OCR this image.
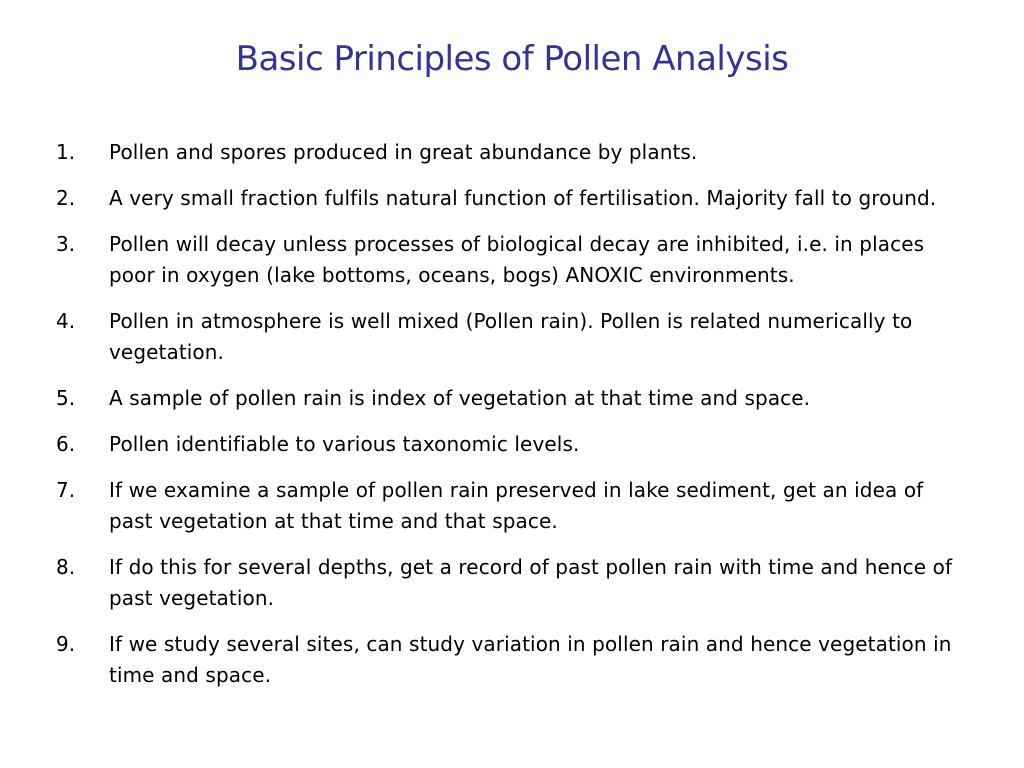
Basic Principles of Pollen Analysis
1.	Pollen and spores produced in great abundance by plants.
2.	A very small fraction fulfils natural function of fertilisation. Majority fall to ground.
3.	Pollen will decay unless processes of biological decay are inhibited, i.e. in places poor in oxygen (lake bottoms, oceans, bogs) ANOXIC environments.
4.	Pollen in atmosphere is well mixed (Pollen rain). Pollen is related numerically to vegetation.
5.	A sample of pollen rain is index of vegetation at that time and space.
6.	Pollen identifiable to various taxonomic levels.
7.	If we examine a sample of pollen rain preserved in lake sediment, get an idea of past vegetation at that time and that space.
8.	If do this for several depths, get a record of past pollen rain with time and hence of past vegetation.
9.	If we study several sites, can study variation in pollen rain and hence vegetation in time and space.
